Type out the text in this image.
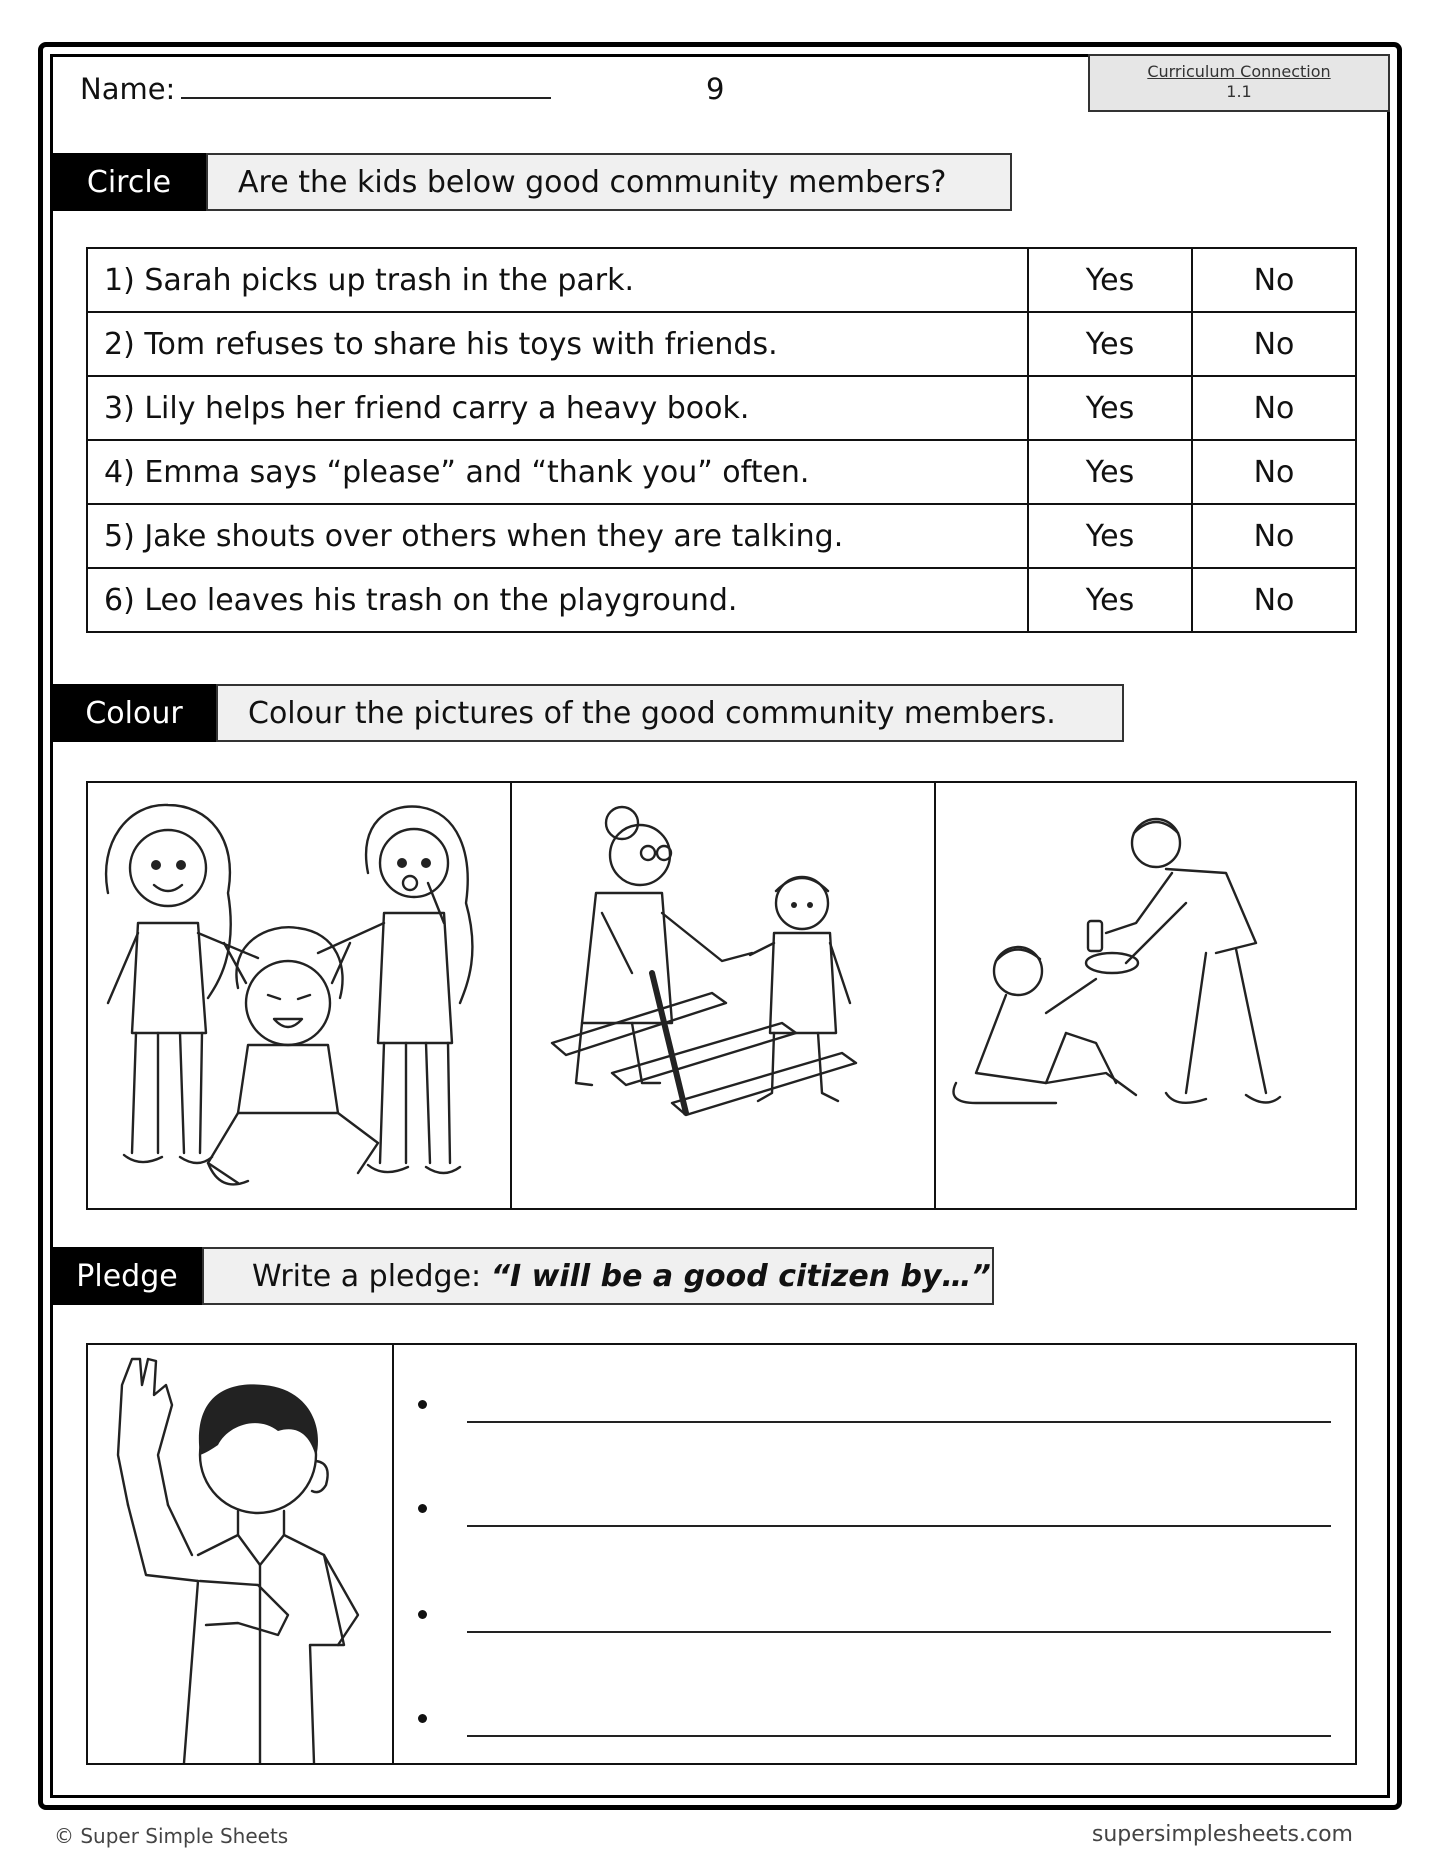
Name:	9
Curriculum Connection
1.1
Circle	Are the kids below good community members?
1) Sarah picks up trash in the park.	Yes	No
2) Tom refuses to share his toys with friends.	Yes	No
3) Lily helps her friend carry a heavy book.	Yes	No
4) Emma says “please” and “thank you” often.	Yes	No
5) Jake shouts over others when they are talking.	Yes	No
6) Leo leaves his trash on the playground.	Yes	No
Colour	Colour the pictures of the good community members.
Pledge	Write a pledge: “I will be a good citizen by…”
© Super Simple Sheets	supersimplesheets.com
